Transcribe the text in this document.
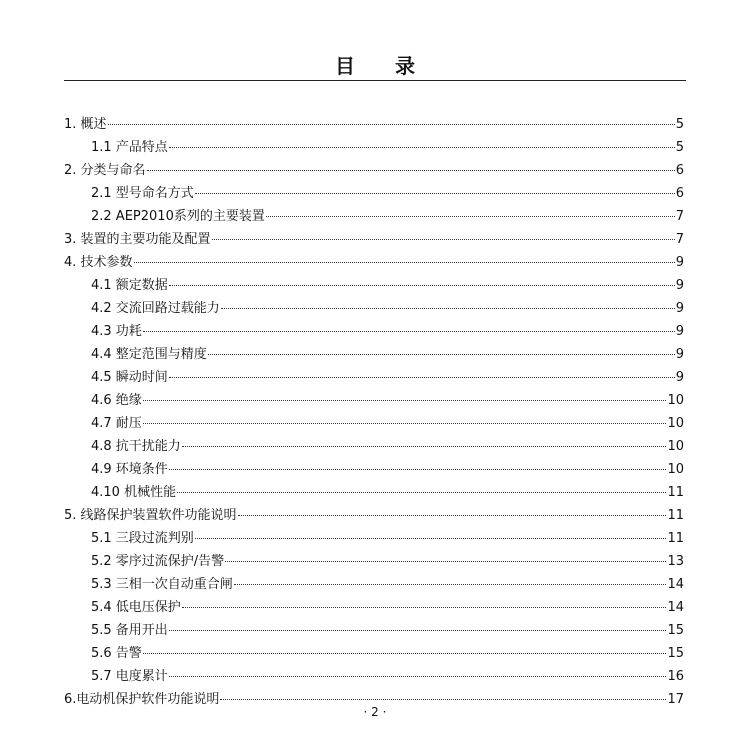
目 录
1. 概述	5
1.1 产品特点	5
2. 分类与命名	6
2.1 型号命名方式	6
2.2 AEP2010系列的主要装置	7
3. 装置的主要功能及配置	7
4. 技术参数	9
4.1 额定数据	9
4.2 交流回路过载能力	9
4.3 功耗	9
4.4 整定范围与精度	9
4.5 瞬动时间	9
4.6 绝缘	10
4.7 耐压	10
4.8 抗干扰能力	10
4.9 环境条件	10
4.10 机械性能	11
5. 线路保护装置软件功能说明	11
5.1 三段过流判别	11
5.2 零序过流保护/告警	13
5.3 三相一次自动重合闸	14
5.4 低电压保护	14
5.5 备用开出	15
5.6 告警	15
5.7 电度累计	16
6.电动机保护软件功能说明	17
· 2 ·
